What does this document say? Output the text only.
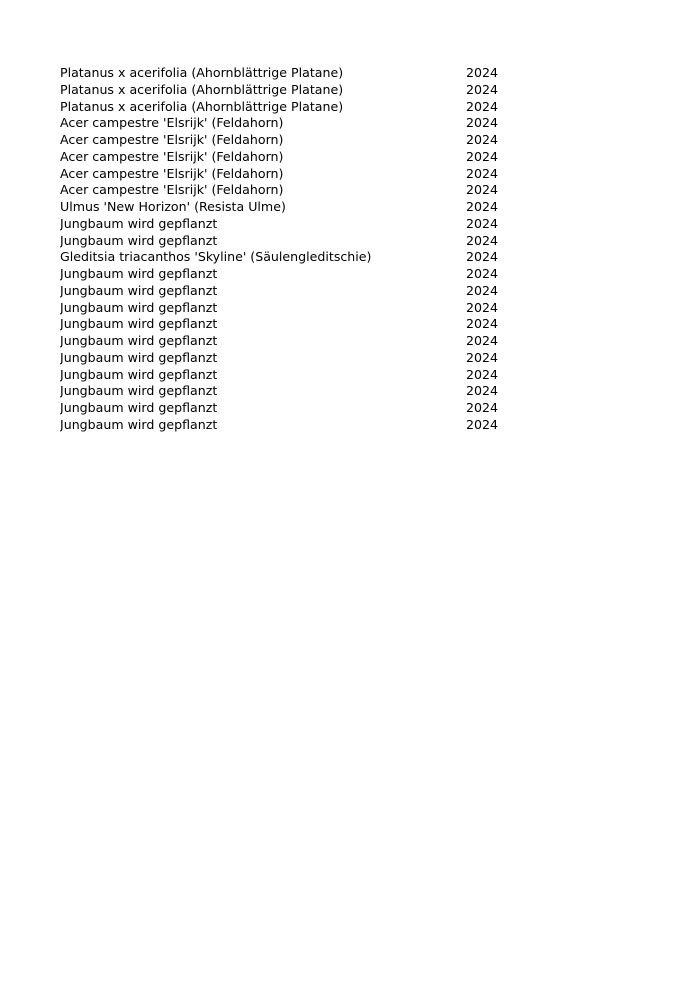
Platanus x acerifolia (Ahornblättrige Platane)	2024
Platanus x acerifolia (Ahornblättrige Platane)	2024
Platanus x acerifolia (Ahornblättrige Platane)	2024
Acer campestre 'Elsrijk' (Feldahorn)	2024
Acer campestre 'Elsrijk' (Feldahorn)	2024
Acer campestre 'Elsrijk' (Feldahorn)	2024
Acer campestre 'Elsrijk' (Feldahorn)	2024
Acer campestre 'Elsrijk' (Feldahorn)	2024
Ulmus 'New Horizon' (Resista Ulme)	2024
Jungbaum wird gepflanzt	2024
Jungbaum wird gepflanzt	2024
Gleditsia triacanthos 'Skyline' (Säulengleditschie)	2024
Jungbaum wird gepflanzt	2024
Jungbaum wird gepflanzt	2024
Jungbaum wird gepflanzt	2024
Jungbaum wird gepflanzt	2024
Jungbaum wird gepflanzt	2024
Jungbaum wird gepflanzt	2024
Jungbaum wird gepflanzt	2024
Jungbaum wird gepflanzt	2024
Jungbaum wird gepflanzt	2024
Jungbaum wird gepflanzt	2024
